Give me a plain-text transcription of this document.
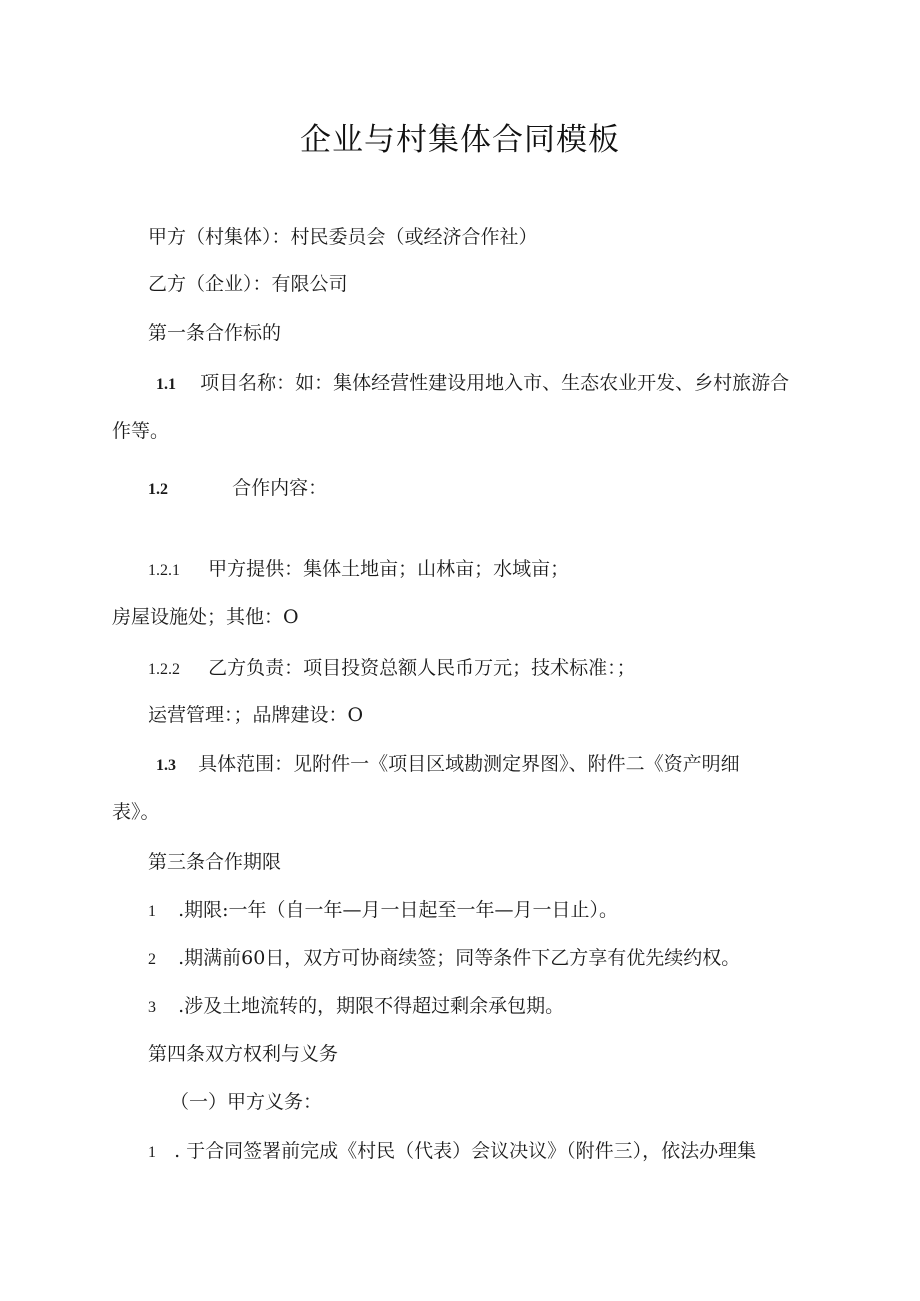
企业与村集体合同模板
甲方（村集体）：村民委员会（或经济合作社）
乙方（企业）：有限公司
第一条合作标的
1.1 项目名称：如：集体经营性建设用地入市、生态农业开发、乡村旅游合
作等。
1.2	合作内容：
1.2.1 甲方提供：集体土地亩；山林亩；水域亩；
房屋设施处；其他：O
1.2.2 乙方负责：项目投资总额人民币万元；技术标准：；
运营管理：；品牌建设：O
1.3 具体范围：见附件一《项目区域勘测定界图》、附件二《资产明细
表》。
第三条合作期限
1 .期限:一年（自一年—月一日起至一年—月一日止）。
2 .期满前60日，双方可协商续签；同等条件下乙方享有优先续约权。
3 .涉及土地流转的，期限不得超过剩余承包期。
第四条双方权利与义务
（一）甲方义务：
1 . 于合同签署前完成《村民（代表）会议决议》（附件三），依法办理集
